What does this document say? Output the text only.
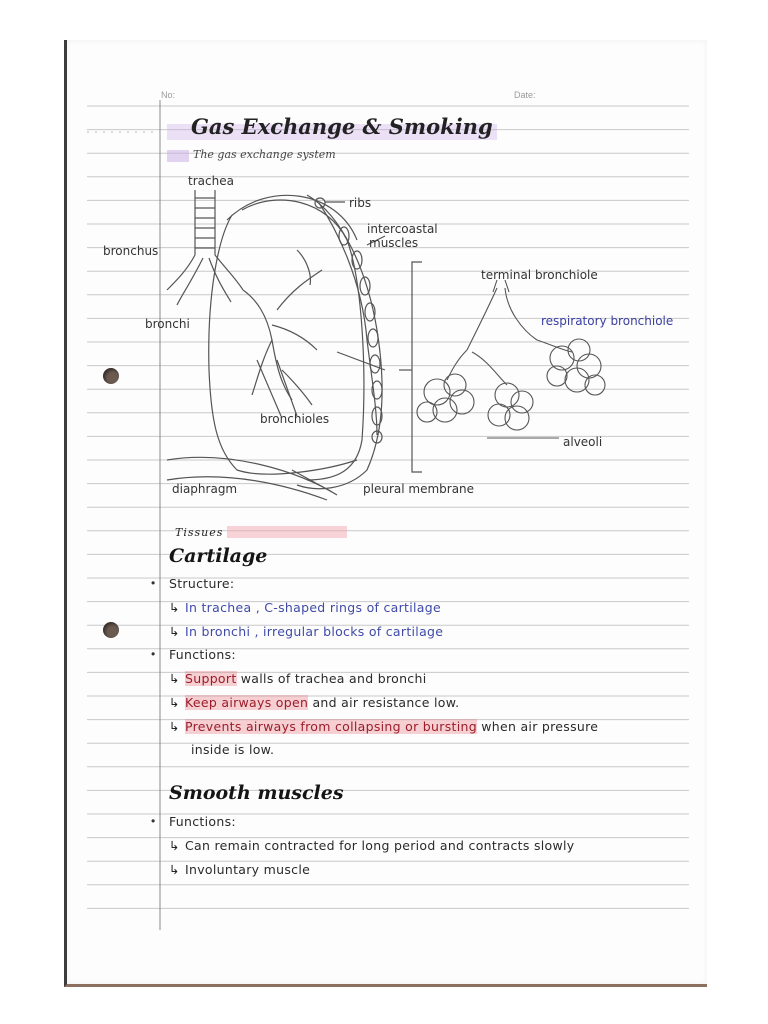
No:	Date:
Gas Exchange & Smoking
The gas exchange system
trachea
bronchus
bronchi
ribs
intercoastal
muscles
bronchioles
diaphragm	pleural membrane
terminal bronchiole
respiratory bronchiole
alveoli
Tissues
Cartilage
• Structure:
↳ In trachea , C-shaped rings of cartilage
↳ In bronchi , irregular blocks of cartilage
• Functions:
↳ Support walls of trachea and bronchi
↳ Keep airways open and air resistance low.
↳ Prevents airways from collapsing or bursting when air pressure
inside is low.
Smooth muscles
• Functions:
↳ Can remain contracted for long period and contracts slowly
↳ Involuntary muscle
